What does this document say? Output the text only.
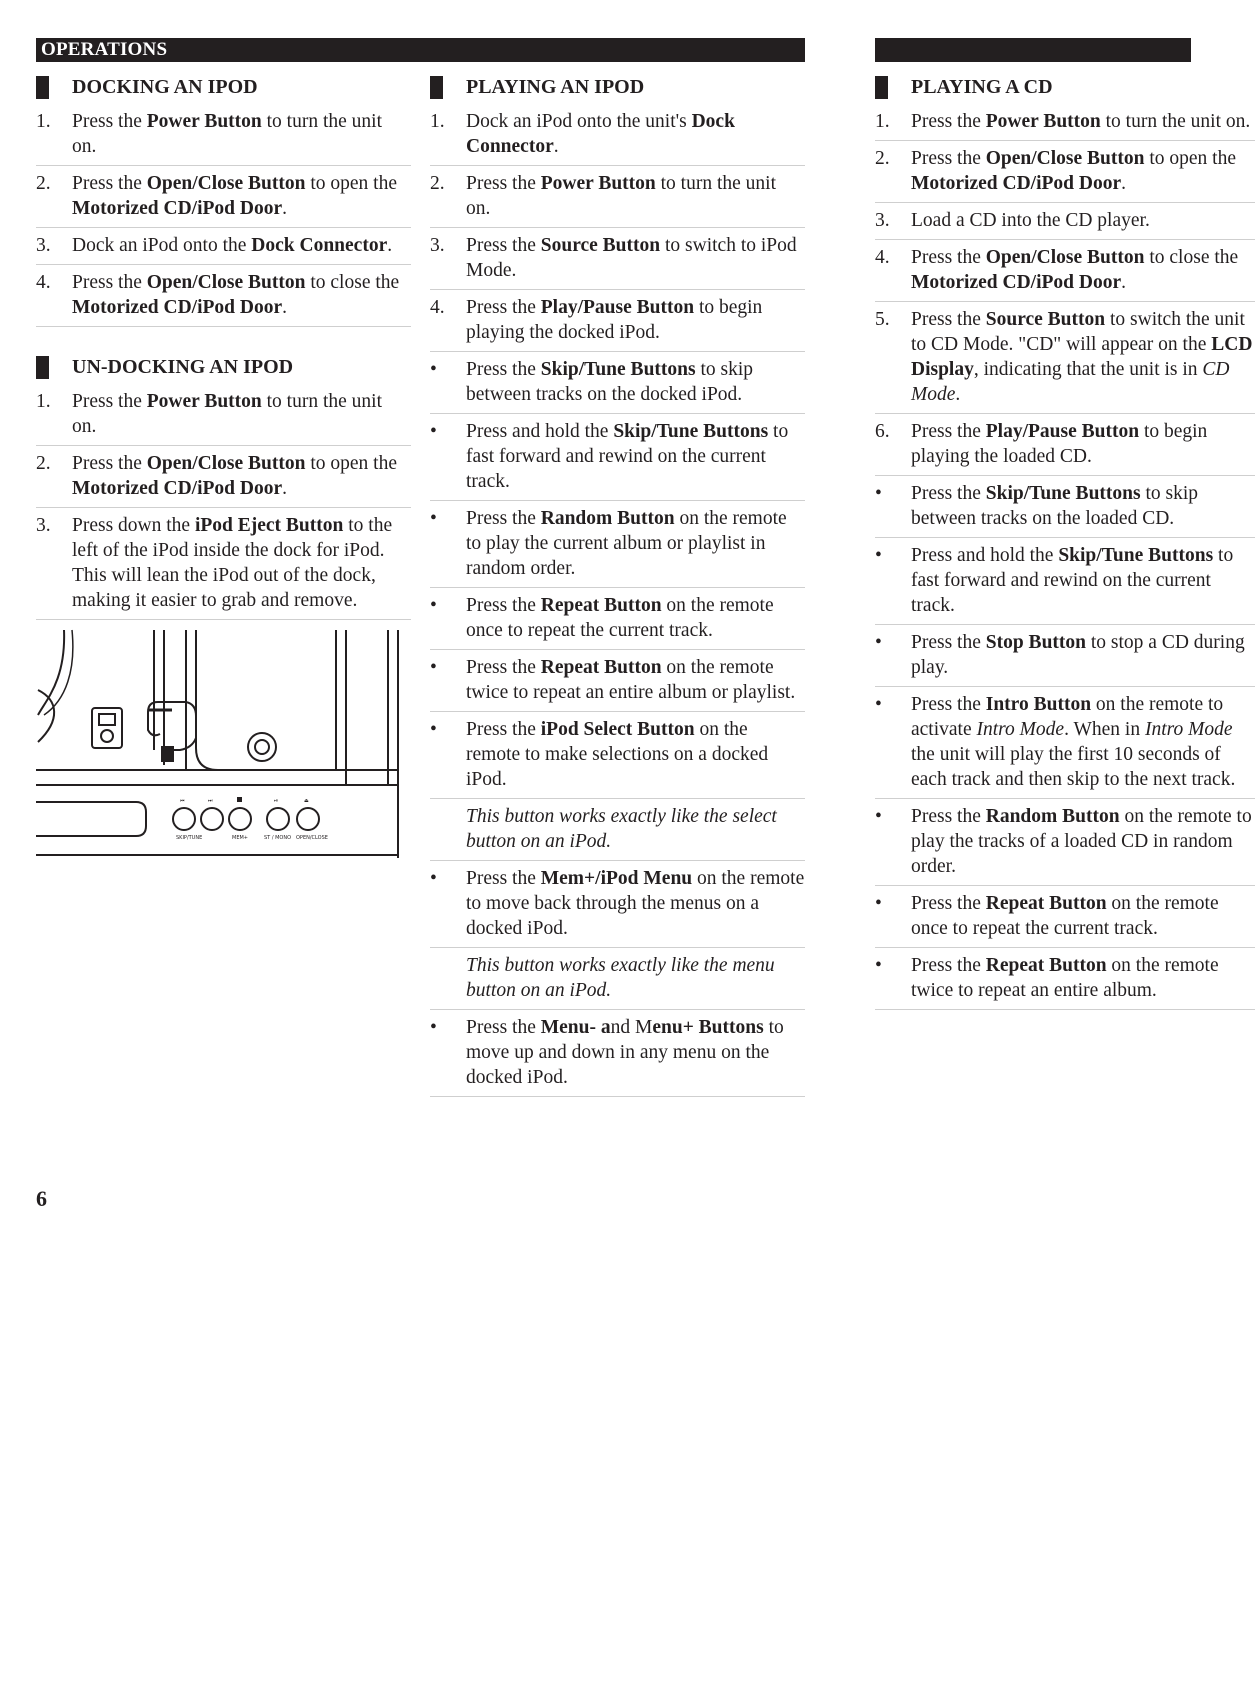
OPERATIONS
DOCKING AN IPOD
1.	Press the Power Button to turn the unit on.
2.	Press the Open/Close Button to open the Motorized CD/iPod Door.
3.	Dock an iPod onto the Dock Connector.
4.	Press the Open/Close Button to close the Motorized CD/iPod Door.
UN-DOCKING AN IPOD
1.	Press the Power Button to turn the unit on.
2.	Press the Open/Close Button to open the Motorized CD/iPod Door.
3.	Press down the iPod Eject Button to the left of the iPod inside the dock for iPod. This will lean the iPod out of the dock, making it easier to grab and remove.
⏮	⏭	⏯	⏏
SKIP/TUNE	MEM+	ST / MONO OPEN/CLOSE
PLAYING AN IPOD
1.	Dock an iPod onto the unit's Dock Connector.
2.	Press the Power Button to turn the unit on.
3.	Press the Source Button to switch to iPod Mode.
4.	Press the Play/Pause Button to begin playing the docked iPod.
•	Press the Skip/Tune Buttons to skip between tracks on the docked iPod.
•	Press and hold the Skip/Tune Buttons to fast forward and rewind on the current track.
•	Press the Random Button on the remote to play the current album or playlist in random order.
•	Press the Repeat Button on the remote once to repeat the current track.
•	Press the Repeat Button on the remote twice to repeat an entire album or playlist.
•	Press the iPod Select Button on the remote to make selections on a docked iPod.
This button works exactly like the select button on an iPod.
•	Press the Mem+/iPod Menu on the remote to move back through the menus on a docked iPod.
This button works exactly like the menu button on an iPod.
•	Press the Menu- and Menu+ Buttons to move up and down in any menu on the docked iPod.
PLAYING A CD
1.	Press the Power Button to turn the unit on.
2.	Press the Open/Close Button to open the Motorized CD/iPod Door.
3.	Load a CD into the CD player.
4.	Press the Open/Close Button to close the Motorized CD/iPod Door.
5.	Press the Source Button to switch the unit to CD Mode. "CD" will appear on the LCD Display, indicating that the unit is in CD Mode.
6.	Press the Play/Pause Button to begin playing the loaded CD.
•	Press the Skip/Tune Buttons to skip between tracks on the loaded CD.
•	Press and hold the Skip/Tune Buttons to fast forward and rewind on the current track.
•	Press the Stop Button to stop a CD during play.
•	Press the Intro Button on the remote to activate Intro Mode. When in Intro Mode the unit will play the first 10 seconds of each track and then skip to the next track.
•	Press the Random Button on the remote to play the tracks of a loaded CD in random order.
•	Press the Repeat Button on the remote once to repeat the current track.
•	Press the Repeat Button on the remote twice to repeat an entire album.
6
